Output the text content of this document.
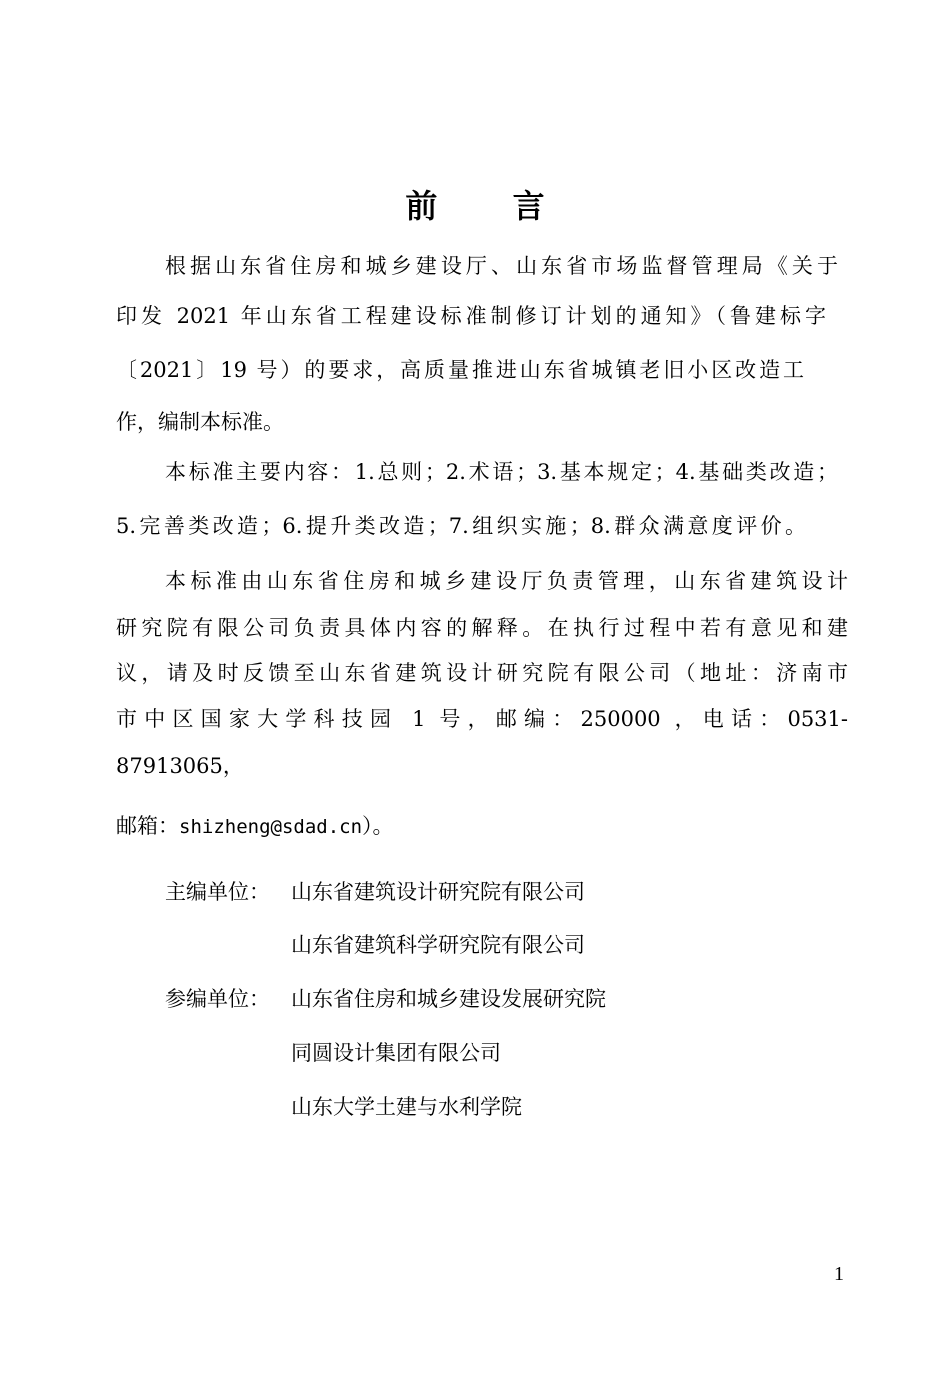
前 言
根据山东省住房和城乡建设厅、山东省市场监督管理局《关于
印发 2021 年山东省工程建设标准制修订计划的通知》（鲁建标字
〔2021〕19 号）的要求，高质量推进山东省城镇老旧小区改造工
作，编制本标准。
本标准主要内容：1.总则；2.术语；3.基本规定；4.基础类改造；
5.完善类改造；6.提升类改造；7.组织实施；8.群众满意度评价。
本标准由山东省住房和城乡建设厅负责管理，山东省建筑设计
研究院有限公司负责具体内容的解释。在执行过程中若有意见和建
议，请及时反馈至山东省建筑设计研究院有限公司（地址：济南市
市中区国家大学科技园 1 号，邮编：250000 ，电话：0531-
87913065，
邮箱：shizheng@sdad.cn）。
主编单位： 山东省建筑设计研究院有限公司
山东省建筑科学研究院有限公司
参编单位： 山东省住房和城乡建设发展研究院
同圆设计集团有限公司
山东大学土建与水利学院
1
